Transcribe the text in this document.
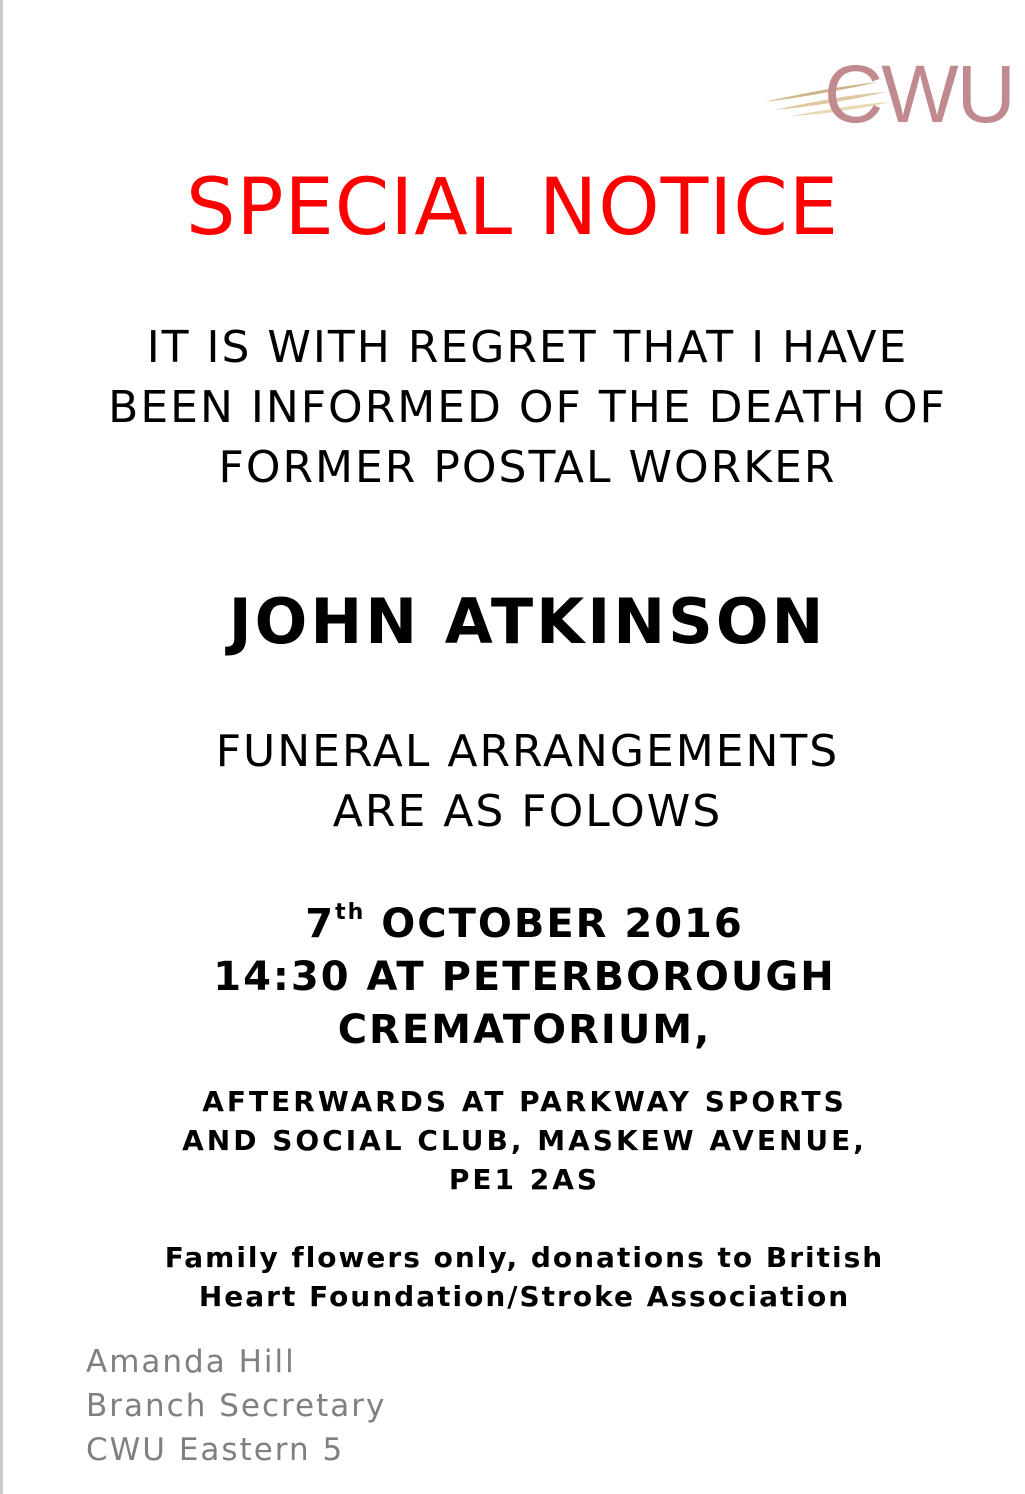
CWU
SPECIAL NOTICE
IT IS WITH REGRET THAT I HAVE
BEEN INFORMED OF THE DEATH OF
FORMER POSTAL WORKER
JOHN ATKINSON
FUNERAL ARRANGEMENTS
ARE AS FOLOWS
7th OCTOBER 2016
14:30 AT PETERBOROUGH
CREMATORIUM,
AFTERWARDS AT PARKWAY SPORTS
AND SOCIAL CLUB, MASKEW AVENUE,
PE1 2AS
Family flowers only, donations to British
Heart Foundation/Stroke Association
Amanda Hill
Branch Secretary
CWU Eastern 5
